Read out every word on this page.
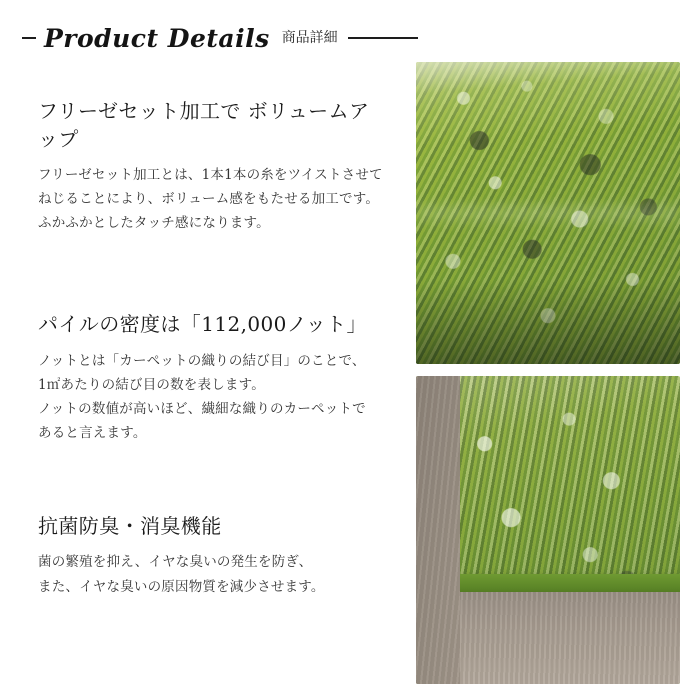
Product Details 商品詳細
フリーゼセット加工で ボリュームアップ

フリーゼセット加工とは、1本1本の糸をツイストさせて
ねじることにより、ボリューム感をもたせる加工です。
ふかふかとしたタッチ感になります。

パイルの密度は「112,000ノット」

ノットとは「カーペットの織りの結び目」のことで、
1㎡あたりの結び目の数を表します。
ノットの数値が高いほど、繊細な織りのカーペットで
あると言えます。

抗菌防臭・消臭機能

菌の繁殖を抑え、イヤな臭いの発生を防ぎ、
また、イヤな臭いの原因物質を減少させます。
